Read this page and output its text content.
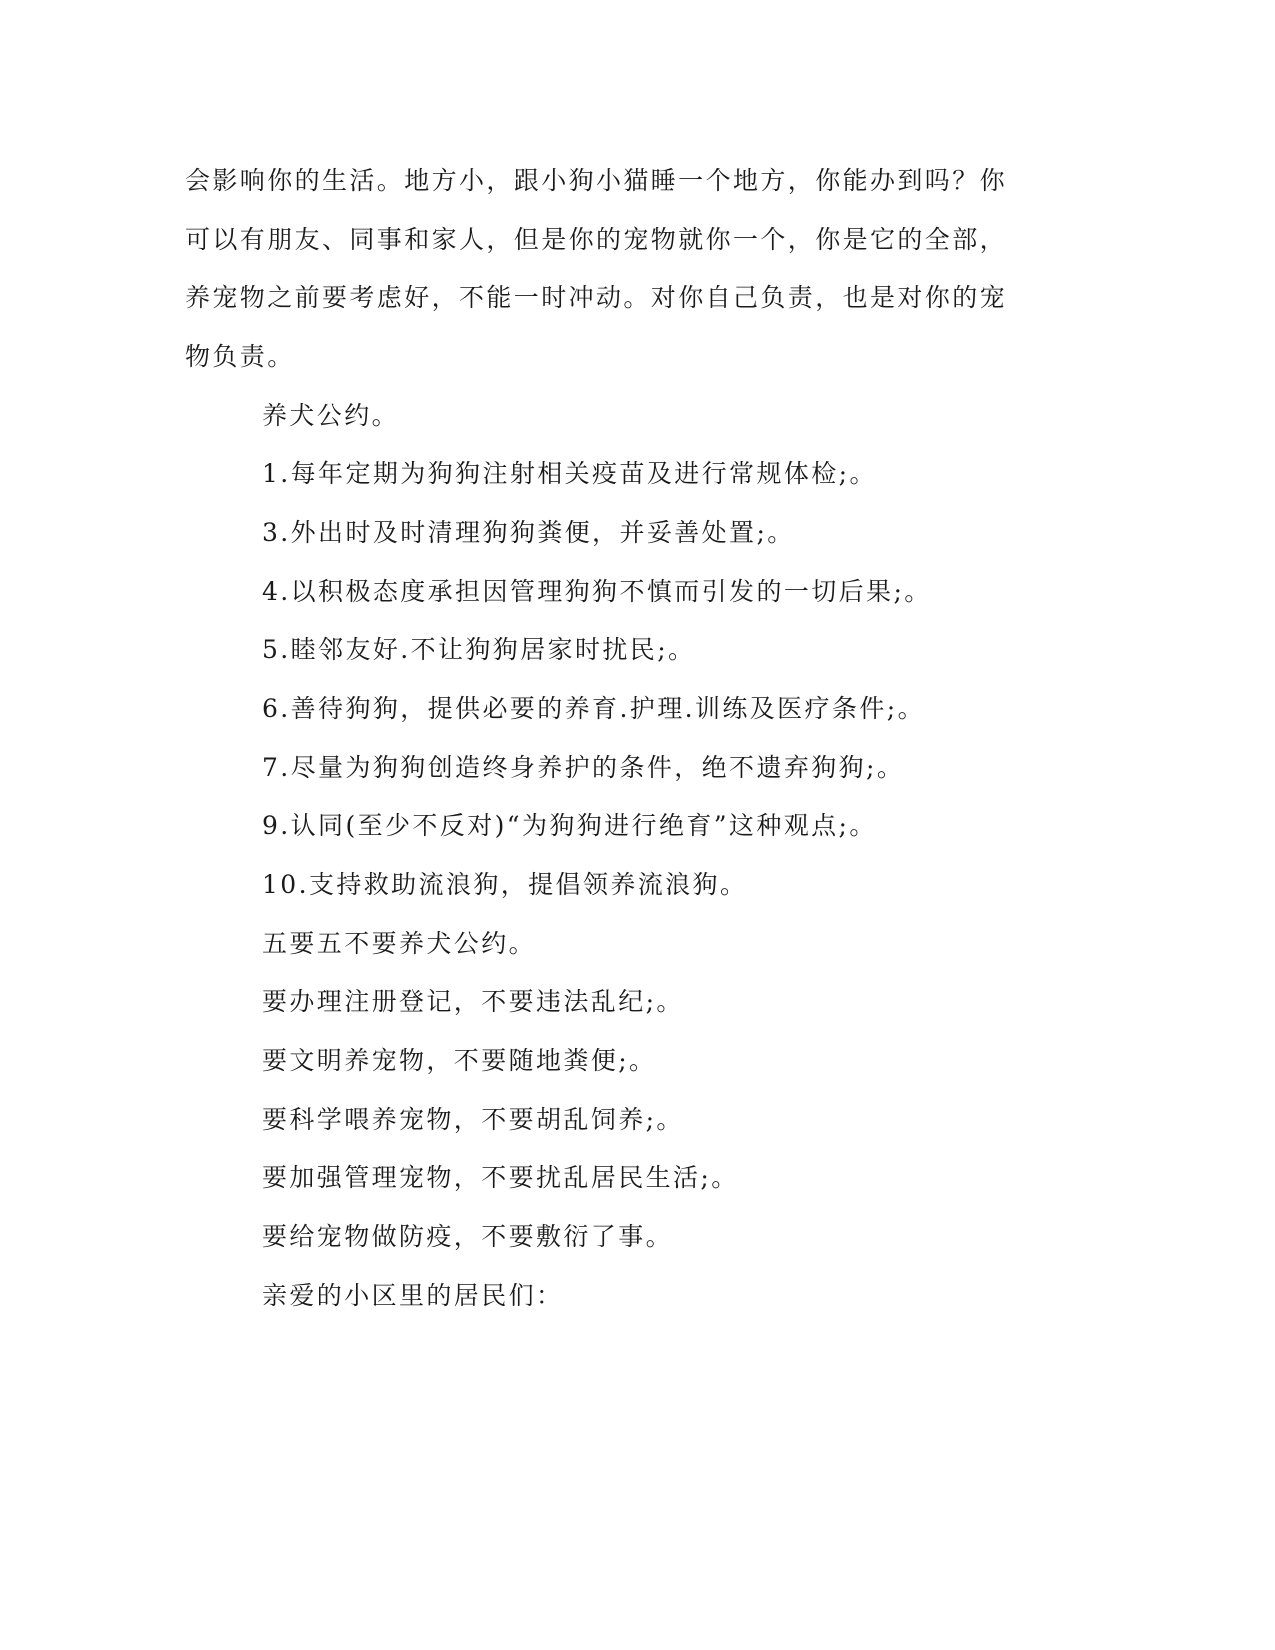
会影响你的生活。地方小，跟小狗小猫睡一个地方，你能办到吗？你
可以有朋友、同事和家人，但是你的宠物就你一个，你是它的全部，
养宠物之前要考虑好，不能一时冲动。对你自己负责，也是对你的宠
物负责。
养犬公约。
1.每年定期为狗狗注射相关疫苗及进行常规体检;。
3.外出时及时清理狗狗粪便，并妥善处置;。
4.以积极态度承担因管理狗狗不慎而引发的一切后果;。
5.睦邻友好.不让狗狗居家时扰民;。
6.善待狗狗，提供必要的养育.护理.训练及医疗条件;。
7.尽量为狗狗创造终身养护的条件，绝不遗弃狗狗;。
9.认同(至少不反对)“为狗狗进行绝育”这种观点;。
10.支持救助流浪狗，提倡领养流浪狗。
五要五不要养犬公约。
要办理注册登记，不要违法乱纪;。
要文明养宠物，不要随地粪便;。
要科学喂养宠物，不要胡乱饲养;。
要加强管理宠物，不要扰乱居民生活;。
要给宠物做防疫，不要敷衍了事。
亲爱的小区里的居民们：
